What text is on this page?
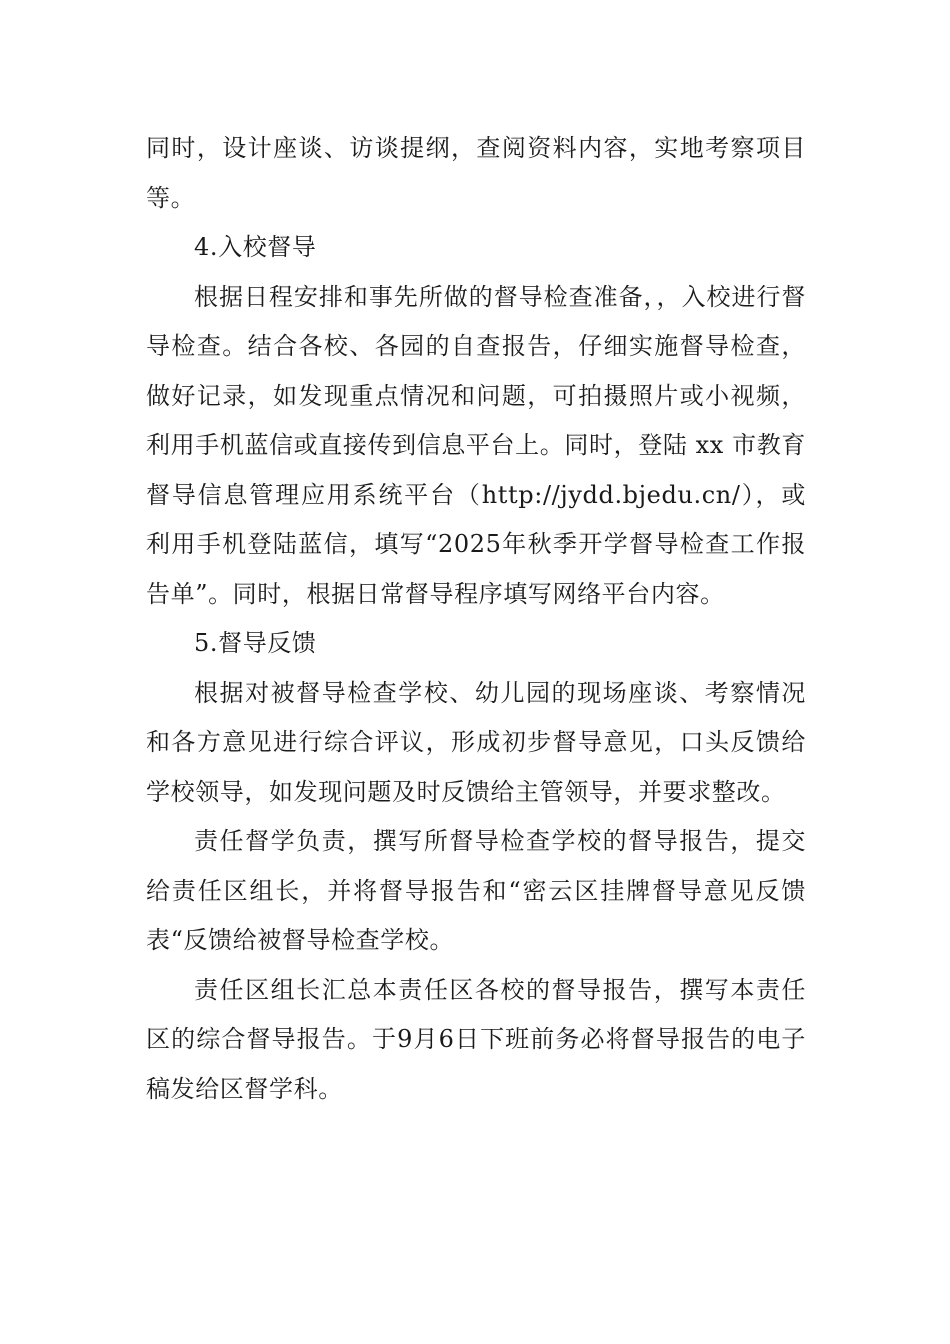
同时，设计座谈、访谈提纲，查阅资料内容，实地考察项目等。

4.入校督导

根据日程安排和事先所做的督导检查准备，，入校进行督导检查。结合各校、各园的自查报告，仔细实施督导检查，做好记录，如发现重点情况和问题，可拍摄照片或小视频，利用手机蓝信或直接传到信息平台上。同时，登陆 xx 市教育督导信息管理应用系统平台（http://jydd.bjedu.cn/），或利用手机登陆蓝信，填写“2025年秋季开学督导检查工作报告单”。同时，根据日常督导程序填写网络平台内容。

5.督导反馈

根据对被督导检查学校、幼儿园的现场座谈、考察情况和各方意见进行综合评议，形成初步督导意见，口头反馈给学校领导，如发现问题及时反馈给主管领导，并要求整改。

责任督学负责，撰写所督导检查学校的督导报告，提交给责任区组长，并将督导报告和“密云区挂牌督导意见反馈表“反馈给被督导检查学校。

责任区组长汇总本责任区各校的督导报告，撰写本责任区的综合督导报告。于9月6日下班前务必将督导报告的电子稿发给区督学科。
